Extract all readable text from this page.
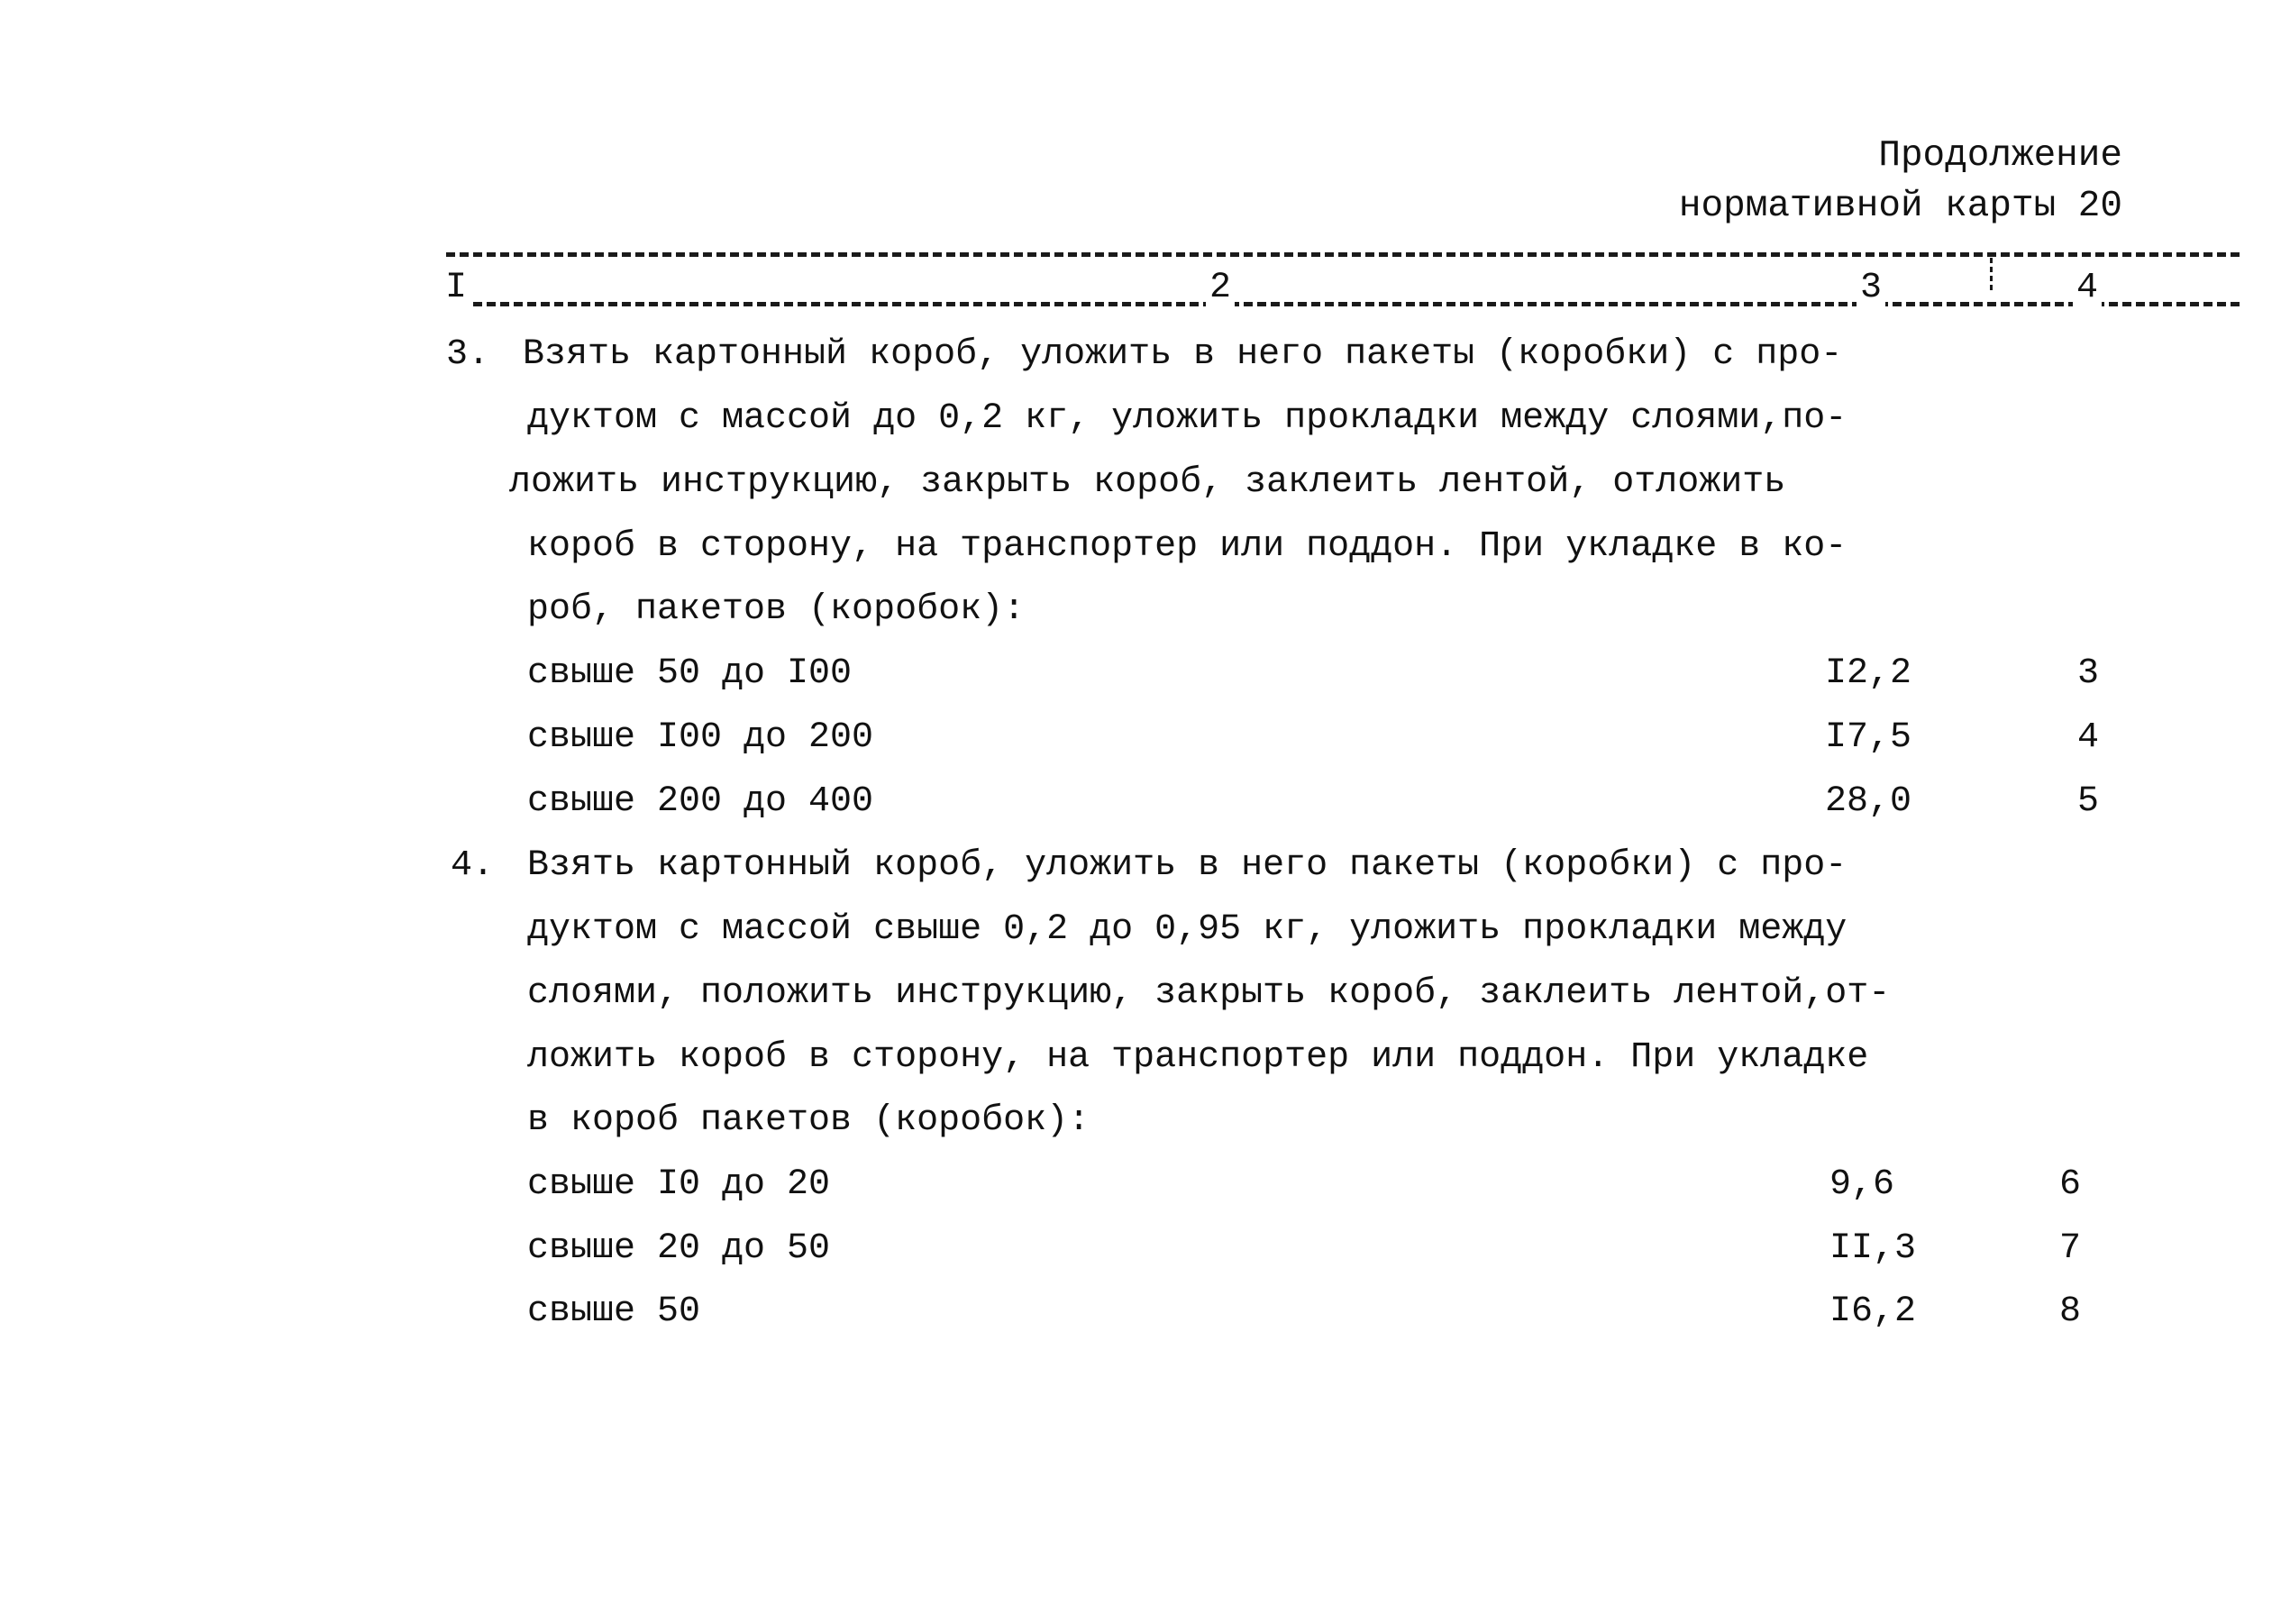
Продолжение
нормативной карты 20
I	2	3	4
3. Взять картонный короб, уложить в него пакеты (коробки) с про-
дуктом с массой до 0,2 кг, уложить прокладки между слоями,по-
ложить инструкцию, закрыть короб, заклеить лентой, отложить
короб в сторону, на транспортер или поддон. При укладке в ко-
роб, пакетов (коробок):
свыше 50 до I00	I2,2	3
свыше I00 до 200	I7,5	4
свыше 200 до 400	28,0	5
4. Взять картонный короб, уложить в него пакеты (коробки) с про-
дуктом с массой свыше 0,2 до 0,95 кг, уложить прокладки между
слоями, положить инструкцию, закрыть короб, заклеить лентой,от-
ложить короб в сторону, на транспортер или поддон. При укладке
в короб пакетов (коробок):
свыше I0 до 20	9,6	6
свыше 20 до 50	II,3	7
свыше 50	I6,2	8
